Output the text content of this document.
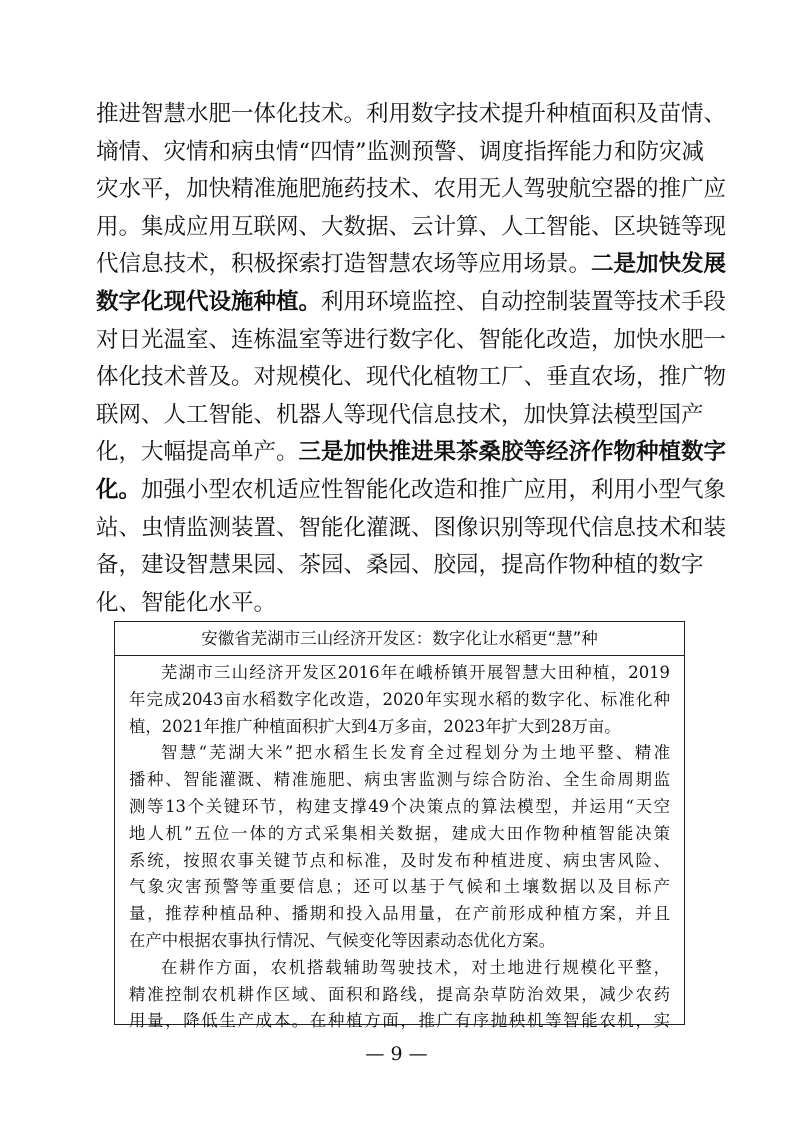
推进智慧水肥一体化技术。利用数字技术提升种植面积及苗情、
墒情、灾情和病虫情“四情”监测预警、调度指挥能力和防灾减
灾水平，加快精准施肥施药技术、农用无人驾驶航空器的推广应
用。集成应用互联网、大数据、云计算、人工智能、区块链等现
代信息技术，积极探索打造智慧农场等应用场景。二是加快发展
数字化现代设施种植。利用环境监控、自动控制装置等技术手段
对日光温室、连栋温室等进行数字化、智能化改造，加快水肥一
体化技术普及。对规模化、现代化植物工厂、垂直农场，推广物
联网、人工智能、机器人等现代信息技术，加快算法模型国产
化，大幅提高单产。三是加快推进果茶桑胶等经济作物种植数字
化。加强小型农机适应性智能化改造和推广应用，利用小型气象
站、虫情监测装置、智能化灌溉、图像识别等现代信息技术和装
备，建设智慧果园、茶园、桑园、胶园，提高作物种植的数字
化、智能化水平。
安徽省芜湖市三山经济开发区：数字化让水稻更“慧”种
芜湖市三山经济开发区2016年在峨桥镇开展智慧大田种植，2019
年完成2043亩水稻数字化改造，2020年实现水稻的数字化、标准化种
植，2021年推广种植面积扩大到4万多亩，2023年扩大到28万亩。
智慧“芜湖大米”把水稻生长发育全过程划分为土地平整、精准
播种、智能灌溉、精准施肥、病虫害监测与综合防治、全生命周期监
测等13个关键环节，构建支撑49个决策点的算法模型，并运用“天空
地人机”五位一体的方式采集相关数据，建成大田作物种植智能决策
系统，按照农事关键节点和标准，及时发布种植进度、病虫害风险、
气象灾害预警等重要信息；还可以基于气候和土壤数据以及目标产
量，推荐种植品种、播期和投入品用量，在产前形成种植方案，并且
在产中根据农事执行情况、气候变化等因素动态优化方案。
在耕作方面，农机搭载辅助驾驶技术，对土地进行规模化平整，
精准控制农机耕作区域、面积和路线，提高杂草防治效果，减少农药
用量，降低生产成本。在种植方面，推广有序抛秧机等智能农机，实
— 9 —
